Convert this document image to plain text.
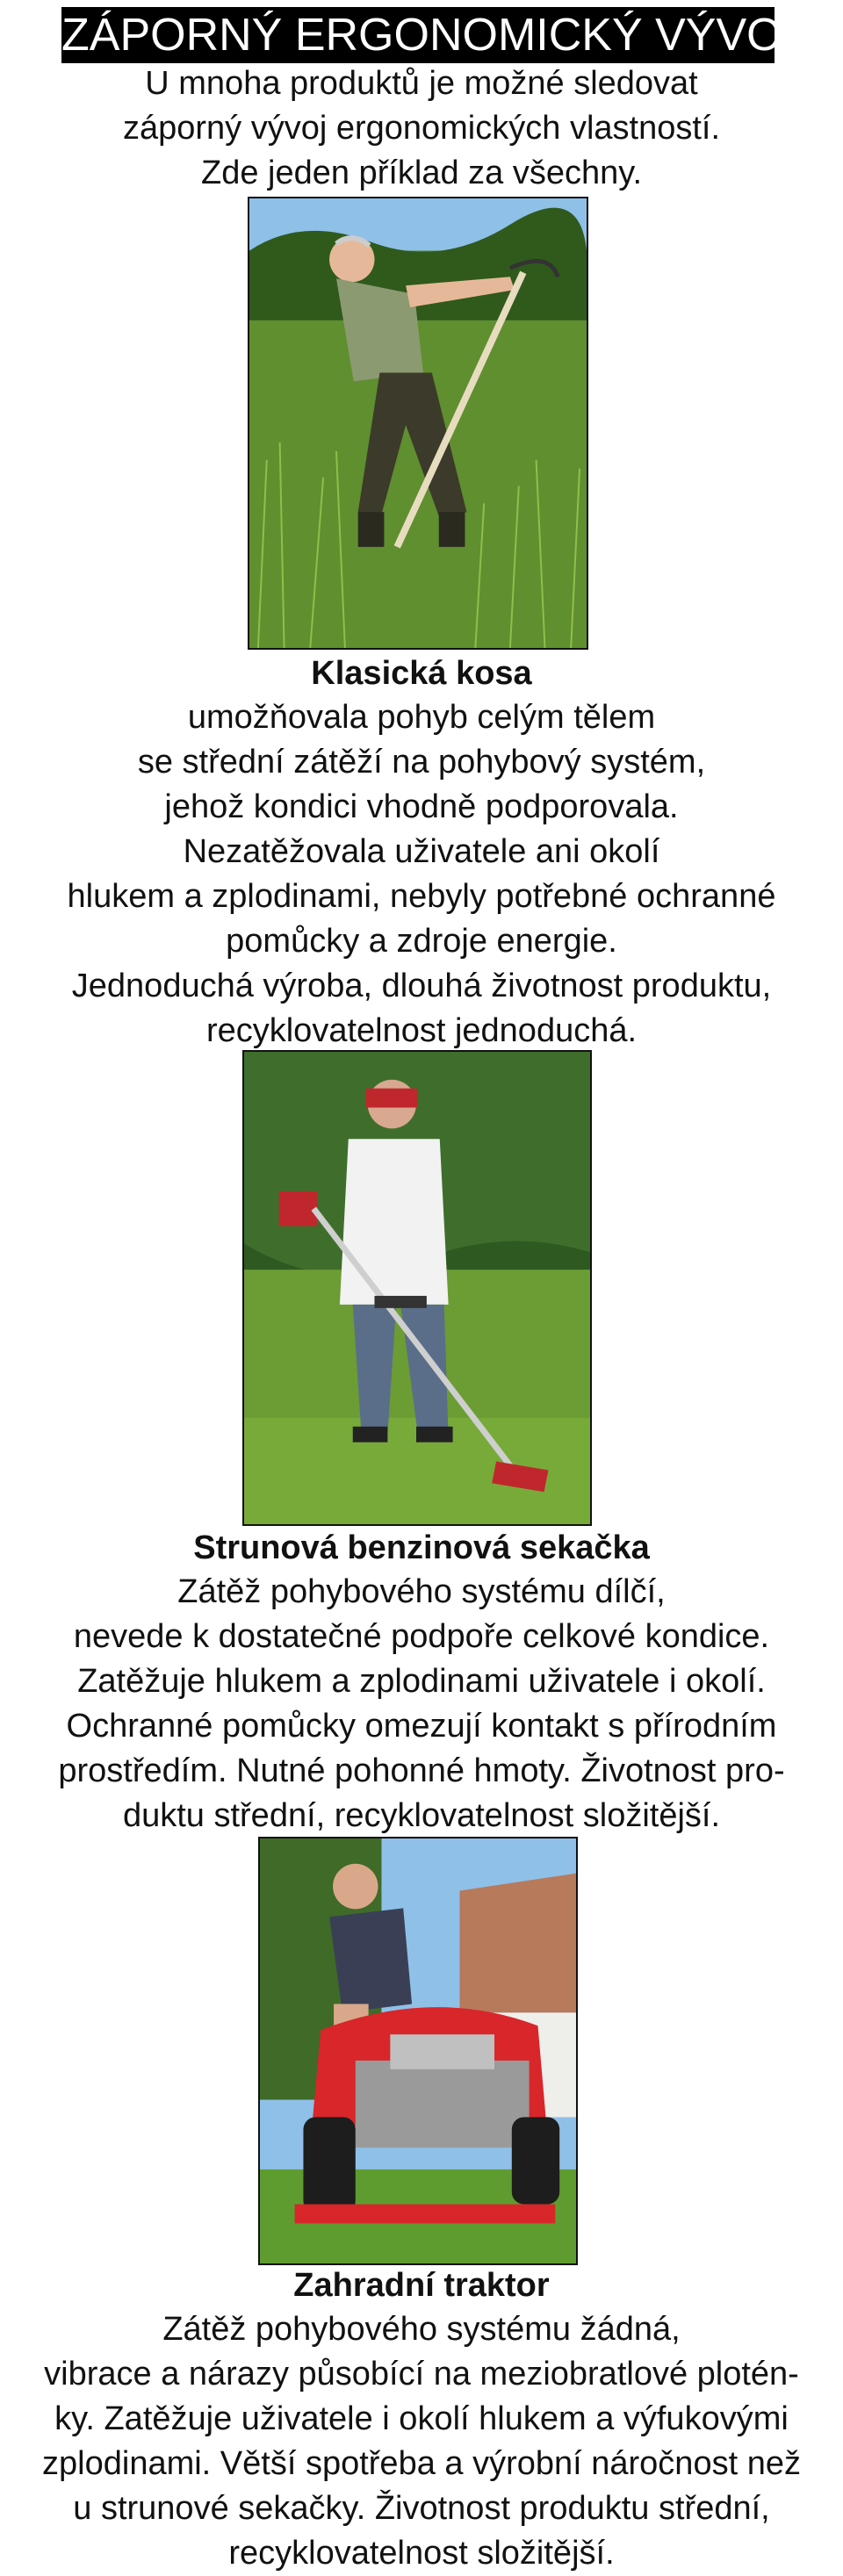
ZÁPORNÝ ERGONOMICKÝ VÝVOJ
U mnoha produktů je možné sledovat
záporný vývoj ergonomických vlastností.
Zde jeden příklad za všechny.
Klasická kosa
umožňovala pohyb celým tělem
se střední zátěží na pohybový systém,
jehož kondici vhodně podporovala.
Nezatěžovala uživatele ani okolí
hlukem a zplodinami, nebyly potřebné ochranné
pomůcky a zdroje energie.
Jednoduchá výroba, dlouhá životnost produktu,
recyklovatelnost jednoduchá.
Strunová benzinová sekačka
Zátěž pohybového systému dílčí,
nevede k dostatečné podpoře celkové kondice.
Zatěžuje hlukem a zplodinami uživatele i okolí.
Ochranné pomůcky omezují kontakt s přírodním
prostředím. Nutné pohonné hmoty. Životnost pro-
duktu střední, recyklovatelnost složitější.
Zahradní traktor
Zátěž pohybového systému žádná,
vibrace a nárazy působící na meziobratlové plotén-
ky. Zatěžuje uživatele i okolí hlukem a výfukovými
zplodinami. Větší spotřeba a výrobní náročnost než
u strunové sekačky. Životnost produktu střední,
recyklovatelnost složitější.
